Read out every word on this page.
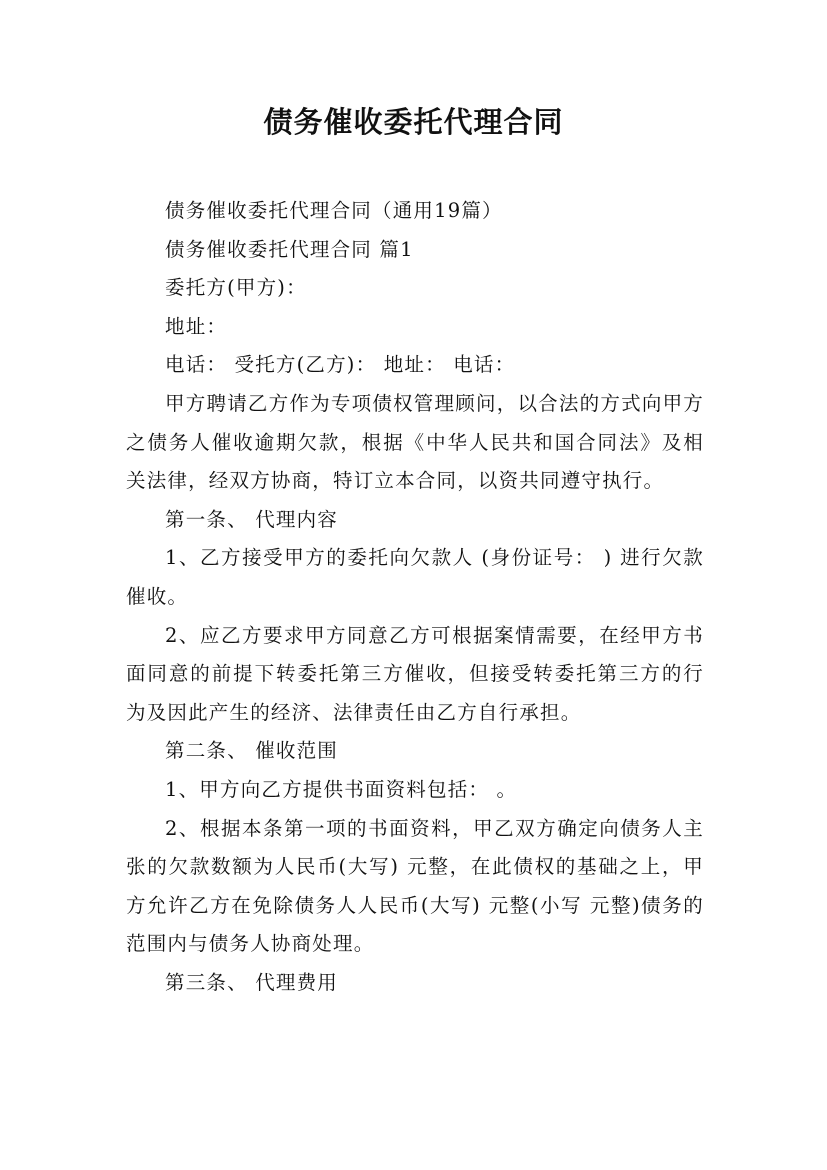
债务催收委托代理合同

债务催收委托代理合同（通用19篇）

债务催收委托代理合同 篇1

委托方(甲方)：

地址：

电话： 受托方(乙方)： 地址： 电话：

甲方聘请乙方作为专项债权管理顾问，以合法的方式向甲方之债务人催收逾期欠款，根据《中华人民共和国合同法》及相关法律，经双方协商，特订立本合同，以资共同遵守执行。

第一条、 代理内容

1、乙方接受甲方的委托向欠款人 (身份证号： ) 进行欠款催收。

2、应乙方要求甲方同意乙方可根据案情需要，在经甲方书面同意的前提下转委托第三方催收，但接受转委托第三方的行为及因此产生的经济、法律责任由乙方自行承担。

第二条、 催收范围

1、甲方向乙方提供书面资料包括： 。

2、根据本条第一项的书面资料，甲乙双方确定向债务人主张的欠款数额为人民币(大写) 元整，在此债权的基础之上，甲方允许乙方在免除债务人人民币(大写) 元整(小写 元整)债务的范围内与债务人协商处理。

第三条、 代理费用
